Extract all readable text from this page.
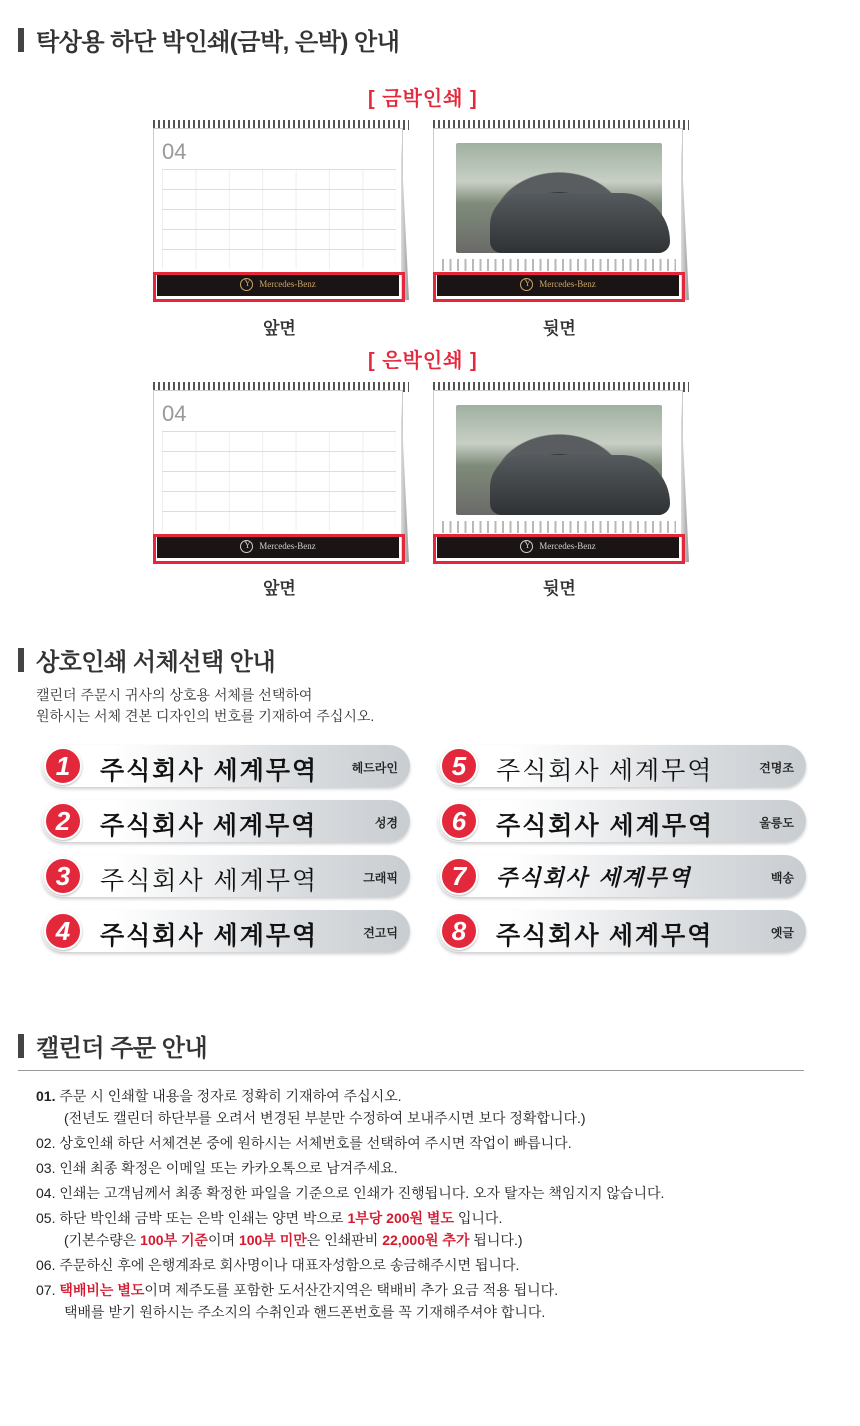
탁상용 하단 박인쇄(금박, 은박) 안내
[ 금박인쇄 ]
04
Y
Mercedes-Benz
앞면
Y
Mercedes-Benz
뒷면
[ 은박인쇄 ]
04
Y
Mercedes-Benz
앞면
Y
Mercedes-Benz
뒷면
상호인쇄 서체선택 안내
캘린더 주문시 귀사의 상호용 서체를 선택하여
원하시는 서체 견본 디자인의 번호를 기재하여 주십시오.
1	주식회사 세계무역	헤드라인
2	주식회사 세계무역	성경
3	주식회사 세계무역	그래픽
4	주식회사 세계무역	견고딕
5	주식회사 세계무역	견명조
6	주식회사 세계무역	울릉도
7	주식회사 세계무역	백송
8	주식회사 세계무역	옛글
캘린더 주문 안내
01. 주문 시 인쇄할 내용을 정자로 정확히 기재하여 주십시오.
(전년도 캘린더 하단부를 오려서 변경된 부분만 수정하여 보내주시면 보다 정확합니다.)
02. 상호인쇄 하단 서체견본 중에 원하시는 서체번호를 선택하여 주시면 작업이 빠릅니다.
03. 인쇄 최종 확정은 이메일 또는 카카오톡으로 남겨주세요.
04. 인쇄는 고객님께서 최종 확정한 파일을 기준으로 인쇄가 진행됩니다. 오자 탈자는 책임지지 않습니다.
05. 하단 박인쇄 금박 또는 은박 인쇄는 양면 박으로 1부당 200원 별도 입니다.
(기본수량은 100부 기준이며 100부 미만은 인쇄판비 22,000원 추가 됩니다.)
06. 주문하신 후에 은행계좌로 회사명이나 대표자성함으로 송금해주시면 됩니다.
07. 택배비는 별도이며 제주도를 포함한 도서산간지역은 택배비 추가 요금 적용 됩니다.
택배를 받기 원하시는 주소지의 수취인과 핸드폰번호를 꼭 기재해주셔야 합니다.
